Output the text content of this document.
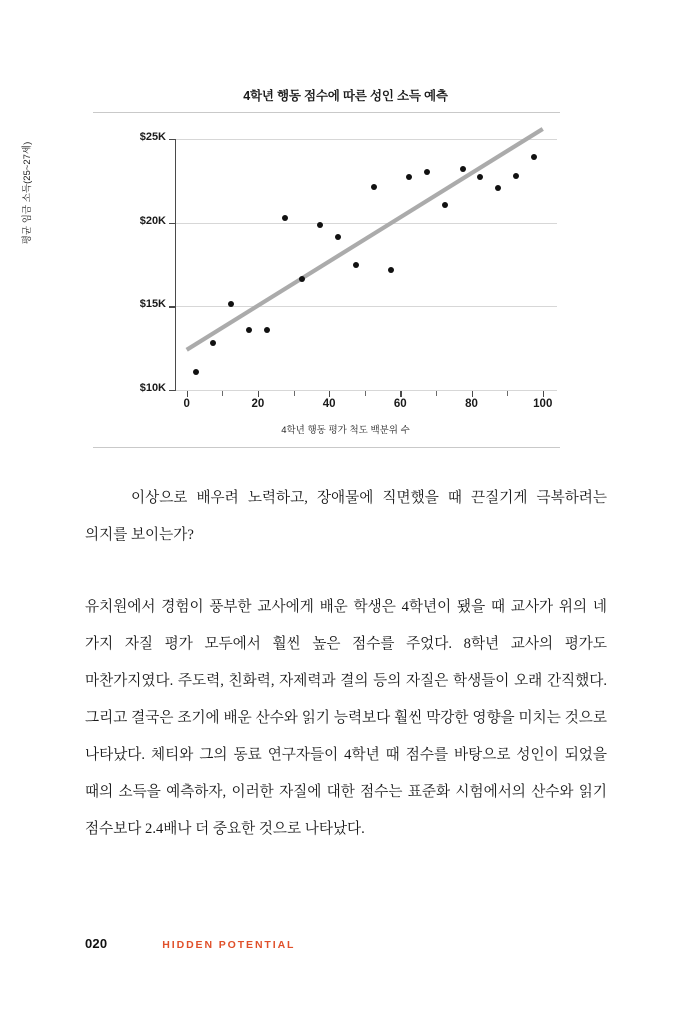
4학년 행동 점수에 따른 성인 소득 예측
$10K
$15K
$20K
$25K
0	20	40	60	80	100
평균 임금 소득(25~27세)
4학년 행동 평가 척도 백분위 수

이상으로 배우려 노력하고, 장애물에 직면했을 때 끈질기게 극복하려는 의지를 보이는가?

유치원에서 경험이 풍부한 교사에게 배운 학생은 4학년이 됐을 때 교사가 위의 네 가지 자질 평가 모두에서 훨씬 높은 점수를 주었다. 8학년 교사의 평가도 마찬가지였다. 주도력, 친화력, 자제력과 결의 등의 자질은 학생들이 오래 간직했다. 그리고 결국은 조기에 배운 산수와 읽기 능력보다 훨씬 막강한 영향을 미치는 것으로 나타났다. 체티와 그의 동료 연구자들이 4학년 때 점수를 바탕으로 성인이 되었을 때의 소득을 예측하자, 이러한 자질에 대한 점수는 표준화 시험에서의 산수와 읽기 점수보다 2.4배나 더 중요한 것으로 나타났다.

020	HIDDEN POTENTIAL
